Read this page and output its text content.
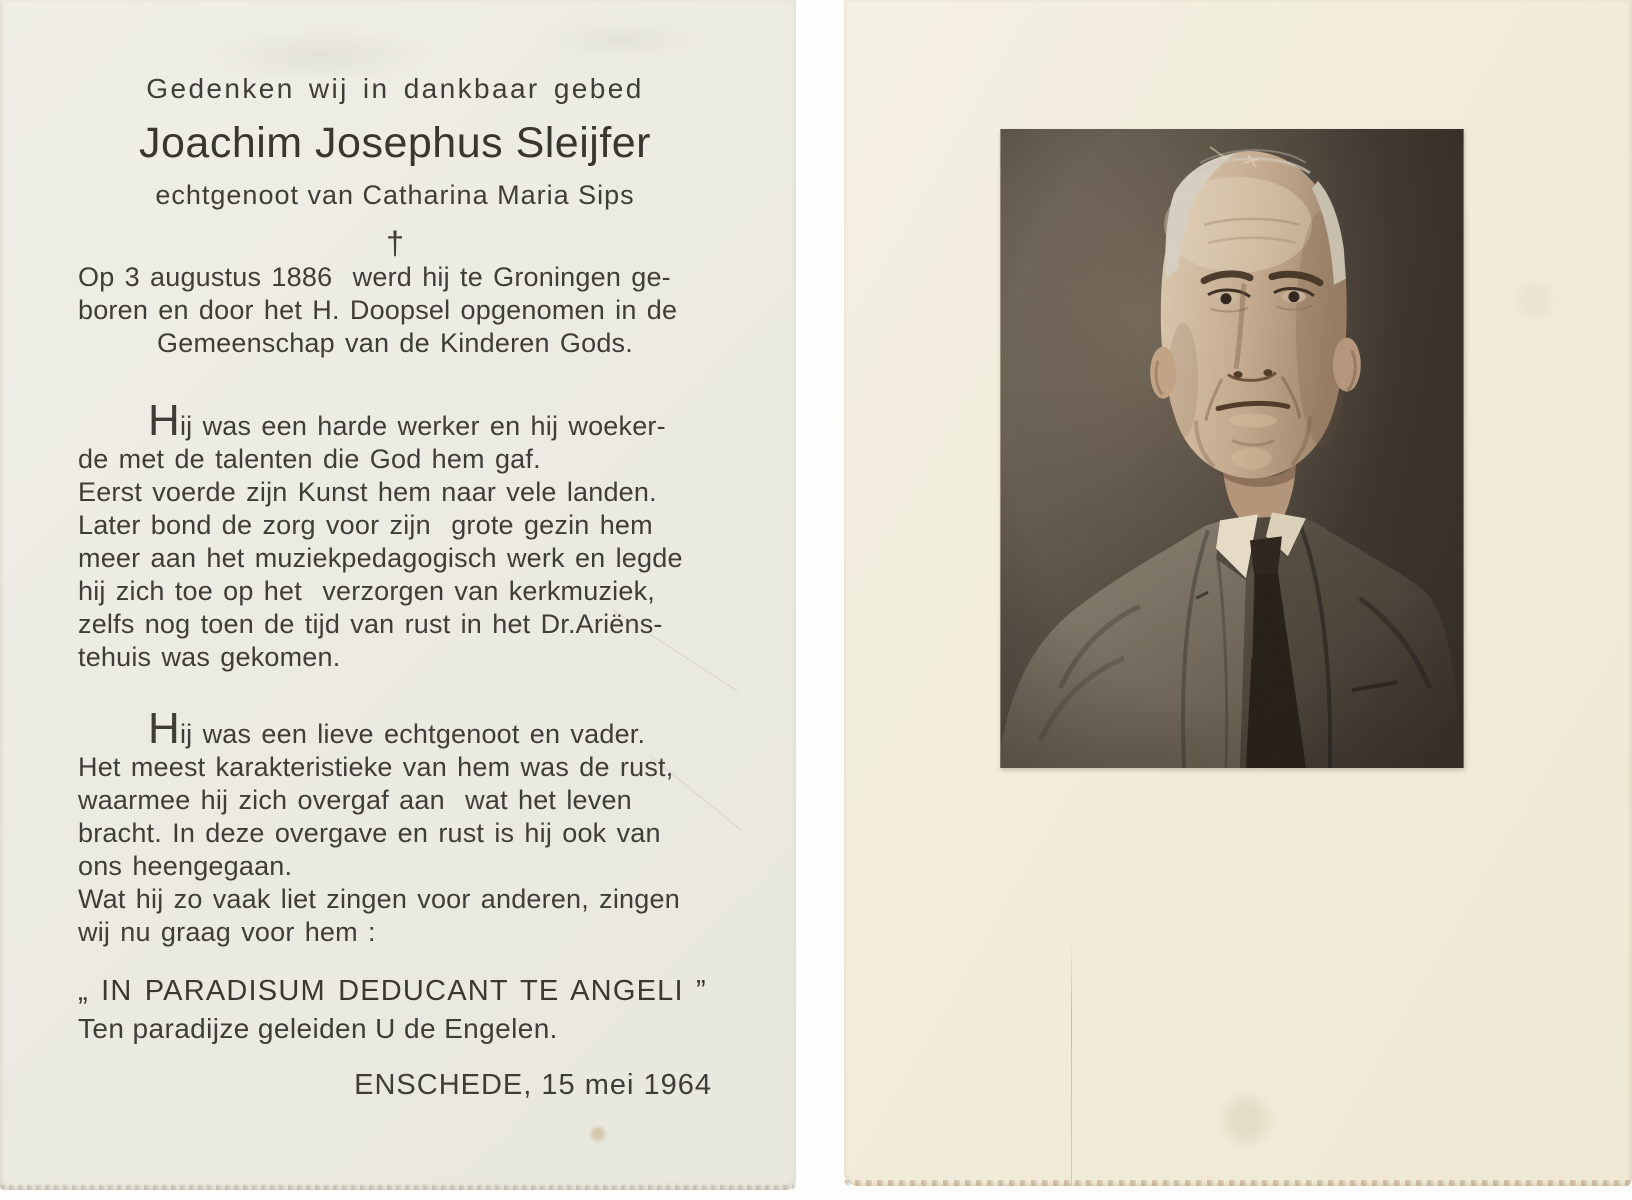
Gedenken wij in dankbaar gebed
Joachim Josephus Sleijfer
echtgenoot van Catharina Maria Sips
†
Op 3 augustus 1886  werd hij te Groningen ge-
boren en door het H. Doopsel opgenomen in de
Gemeenschap van de Kinderen Gods.
Hij was een harde werker en hij woeker-
de met de talenten die God hem gaf.
Eerst voerde zijn Kunst hem naar vele landen.
Later bond de zorg voor zijn  grote gezin hem
meer aan het muziekpedagogisch werk en legde
hij zich toe op het  verzorgen van kerkmuziek,
zelfs nog toen de tijd van rust in het Dr.Ariëns-
tehuis was gekomen.
Hij was een lieve echtgenoot en vader.
Het meest karakteristieke van hem was de rust,
waarmee hij zich overgaf aan  wat het leven
bracht. In deze overgave en rust is hij ook van
ons heengegaan.
Wat hij zo vaak liet zingen voor anderen, zingen
wij nu graag voor hem :
„ IN PARADISUM DEDUCANT TE ANGELI ”
Ten paradijze geleiden U de Engelen.
ENSCHEDE, 15 mei 1964
